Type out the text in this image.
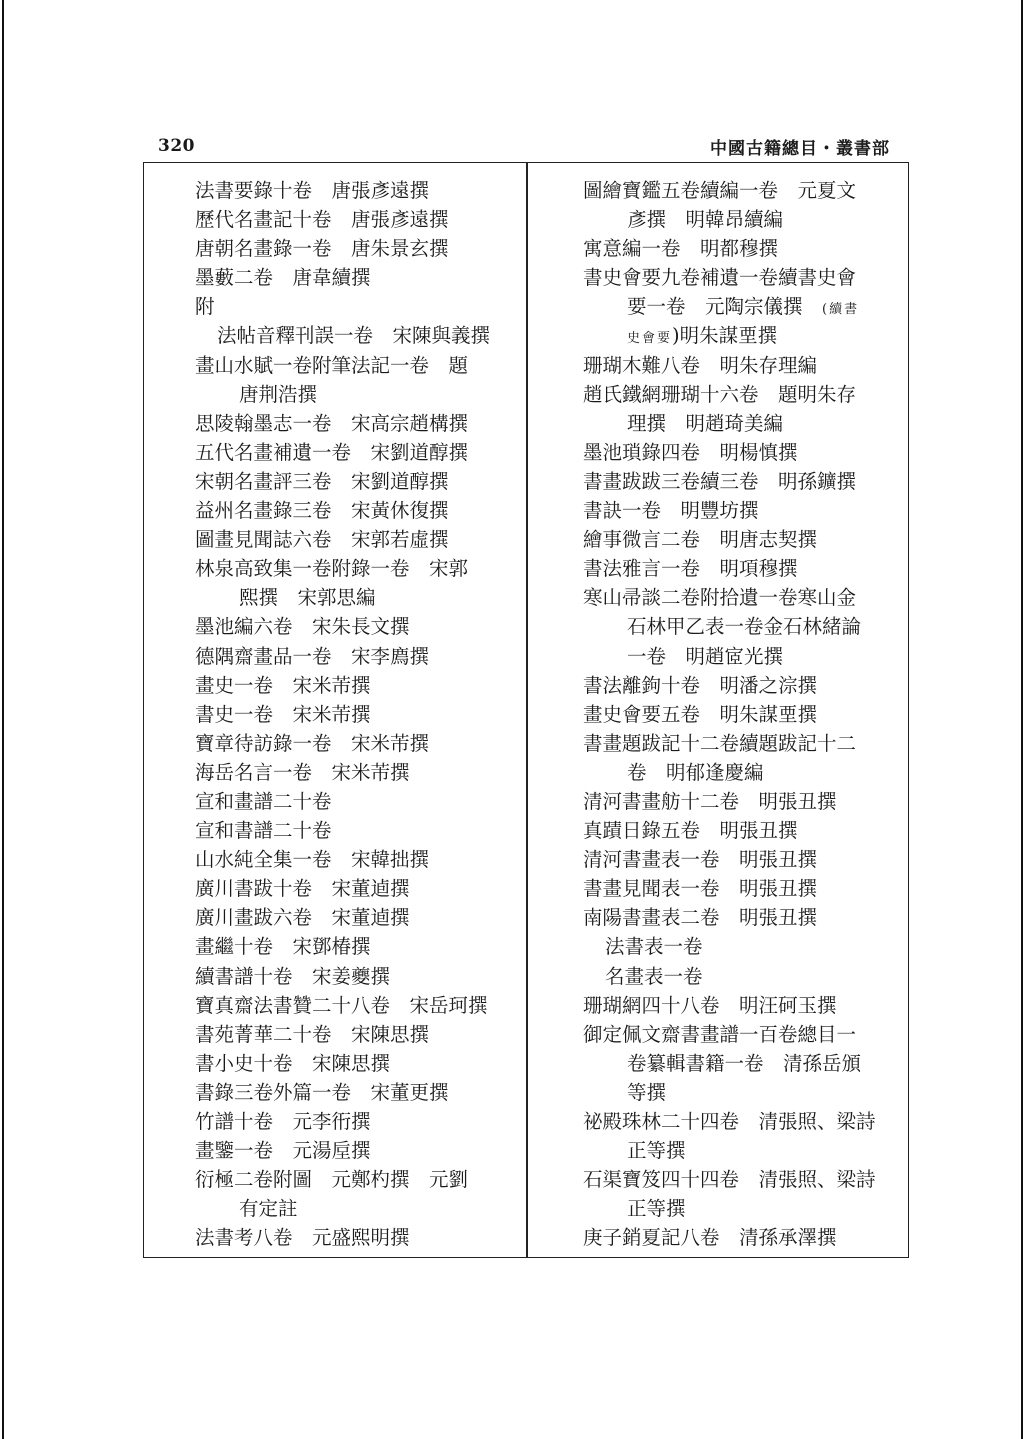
320	中國古籍總目・叢書部
法書要錄十卷　唐張彥遠撰
歷代名畫記十卷　唐張彥遠撰
唐朝名畫錄一卷　唐朱景玄撰
墨藪二卷　唐韋續撰
附
法帖音釋刊誤一卷　宋陳與義撰
畫山水賦一卷附筆法記一卷　題
唐荆浩撰
思陵翰墨志一卷　宋高宗趙構撰
五代名畫補遺一卷　宋劉道醇撰
宋朝名畫評三卷　宋劉道醇撰
益州名畫錄三卷　宋黃休復撰
圖畫見聞誌六卷　宋郭若虛撰
林泉高致集一卷附錄一卷　宋郭
熙撰　宋郭思編
墨池編六卷　宋朱長文撰
德隅齋畫品一卷　宋李廌撰
畫史一卷　宋米芾撰
書史一卷　宋米芾撰
寶章待訪錄一卷　宋米芾撰
海岳名言一卷　宋米芾撰
宣和畫譜二十卷
宣和書譜二十卷
山水純全集一卷　宋韓拙撰
廣川書跋十卷　宋董逌撰
廣川畫跋六卷　宋董逌撰
畫繼十卷　宋鄧椿撰
續書譜十卷　宋姜夔撰
寶真齋法書贊二十八卷　宋岳珂撰
書苑菁華二十卷　宋陳思撰
書小史十卷　宋陳思撰
書錄三卷外篇一卷　宋董更撰
竹譜十卷　元李衎撰
畫鑒一卷　元湯垕撰
衍極二卷附圖　元鄭杓撰　元劉
有定註
法書考八卷　元盛熙明撰
圖繪寶鑑五卷續編一卷　元夏文
彥撰　明韓昂續編
寓意編一卷　明都穆撰
書史會要九卷補遺一卷續書史會
要一卷　元陶宗儀撰　(續書
史會要)明朱謀垔撰
珊瑚木難八卷　明朱存理編
趙氏鐵網珊瑚十六卷　題明朱存
理撰　明趙琦美編
墨池瑣錄四卷　明楊慎撰
書畫跋跋三卷續三卷　明孫鑛撰
書訣一卷　明豐坊撰
繪事微言二卷　明唐志契撰
書法雅言一卷　明項穆撰
寒山帚談二卷附拾遺一卷寒山金
石林甲乙表一卷金石林緒論
一卷　明趙宧光撰
書法離鉤十卷　明潘之淙撰
畫史會要五卷　明朱謀垔撰
書畫題跋記十二卷續題跋記十二
卷　明郁逢慶編
清河書畫舫十二卷　明張丑撰
真蹟日錄五卷　明張丑撰
清河書畫表一卷　明張丑撰
書畫見聞表一卷　明張丑撰
南陽書畫表二卷　明張丑撰
法書表一卷
名畫表一卷
珊瑚網四十八卷　明汪砢玉撰
御定佩文齋書畫譜一百卷總目一
卷纂輯書籍一卷　清孫岳頒
等撰
祕殿珠林二十四卷　清張照、梁詩
正等撰
石渠寶笈四十四卷　清張照、梁詩
正等撰
庚子銷夏記八卷　清孫承澤撰
